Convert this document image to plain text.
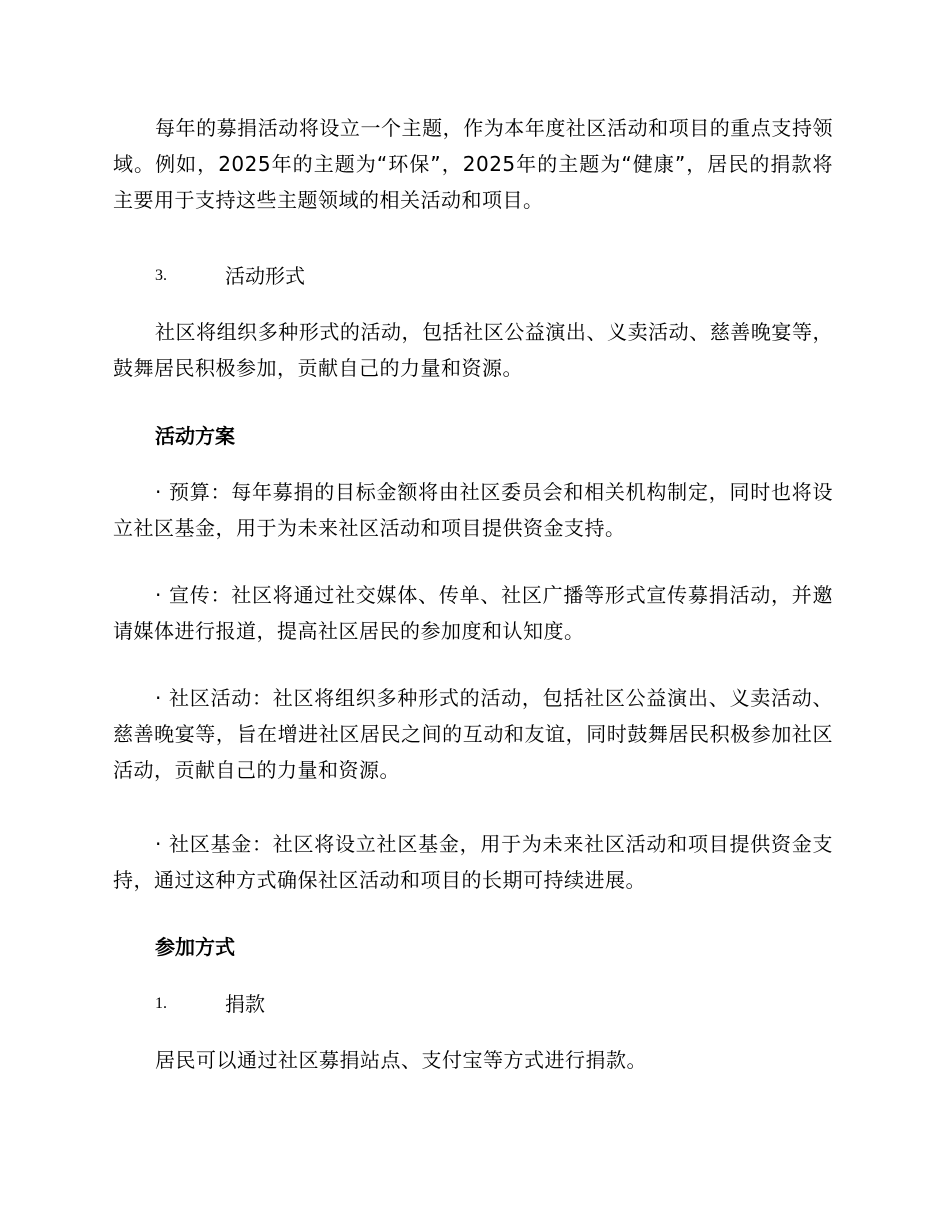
每年的募捐活动将设立一个主题，作为本年度社区活动和项目的重点支持领域。例如，2025年的主题为“环保”，2025年的主题为“健康”，居民的捐款将主要用于支持这些主题领域的相关活动和项目。

3.	活动形式

社区将组织多种形式的活动，包括社区公益演出、义卖活动、慈善晚宴等，鼓舞居民积极参加，贡献自己的力量和资源。

活动方案

· 预算：每年募捐的目标金额将由社区委员会和相关机构制定，同时也将设立社区基金，用于为未来社区活动和项目提供资金支持。

· 宣传：社区将通过社交媒体、传单、社区广播等形式宣传募捐活动，并邀请媒体进行报道，提高社区居民的参加度和认知度。

· 社区活动：社区将组织多种形式的活动，包括社区公益演出、义卖活动、慈善晚宴等，旨在增进社区居民之间的互动和友谊，同时鼓舞居民积极参加社区活动，贡献自己的力量和资源。

· 社区基金：社区将设立社区基金，用于为未来社区活动和项目提供资金支持，通过这种方式确保社区活动和项目的长期可持续进展。

参加方式
1.	捐款

居民可以通过社区募捐站点、支付宝等方式进行捐款。
